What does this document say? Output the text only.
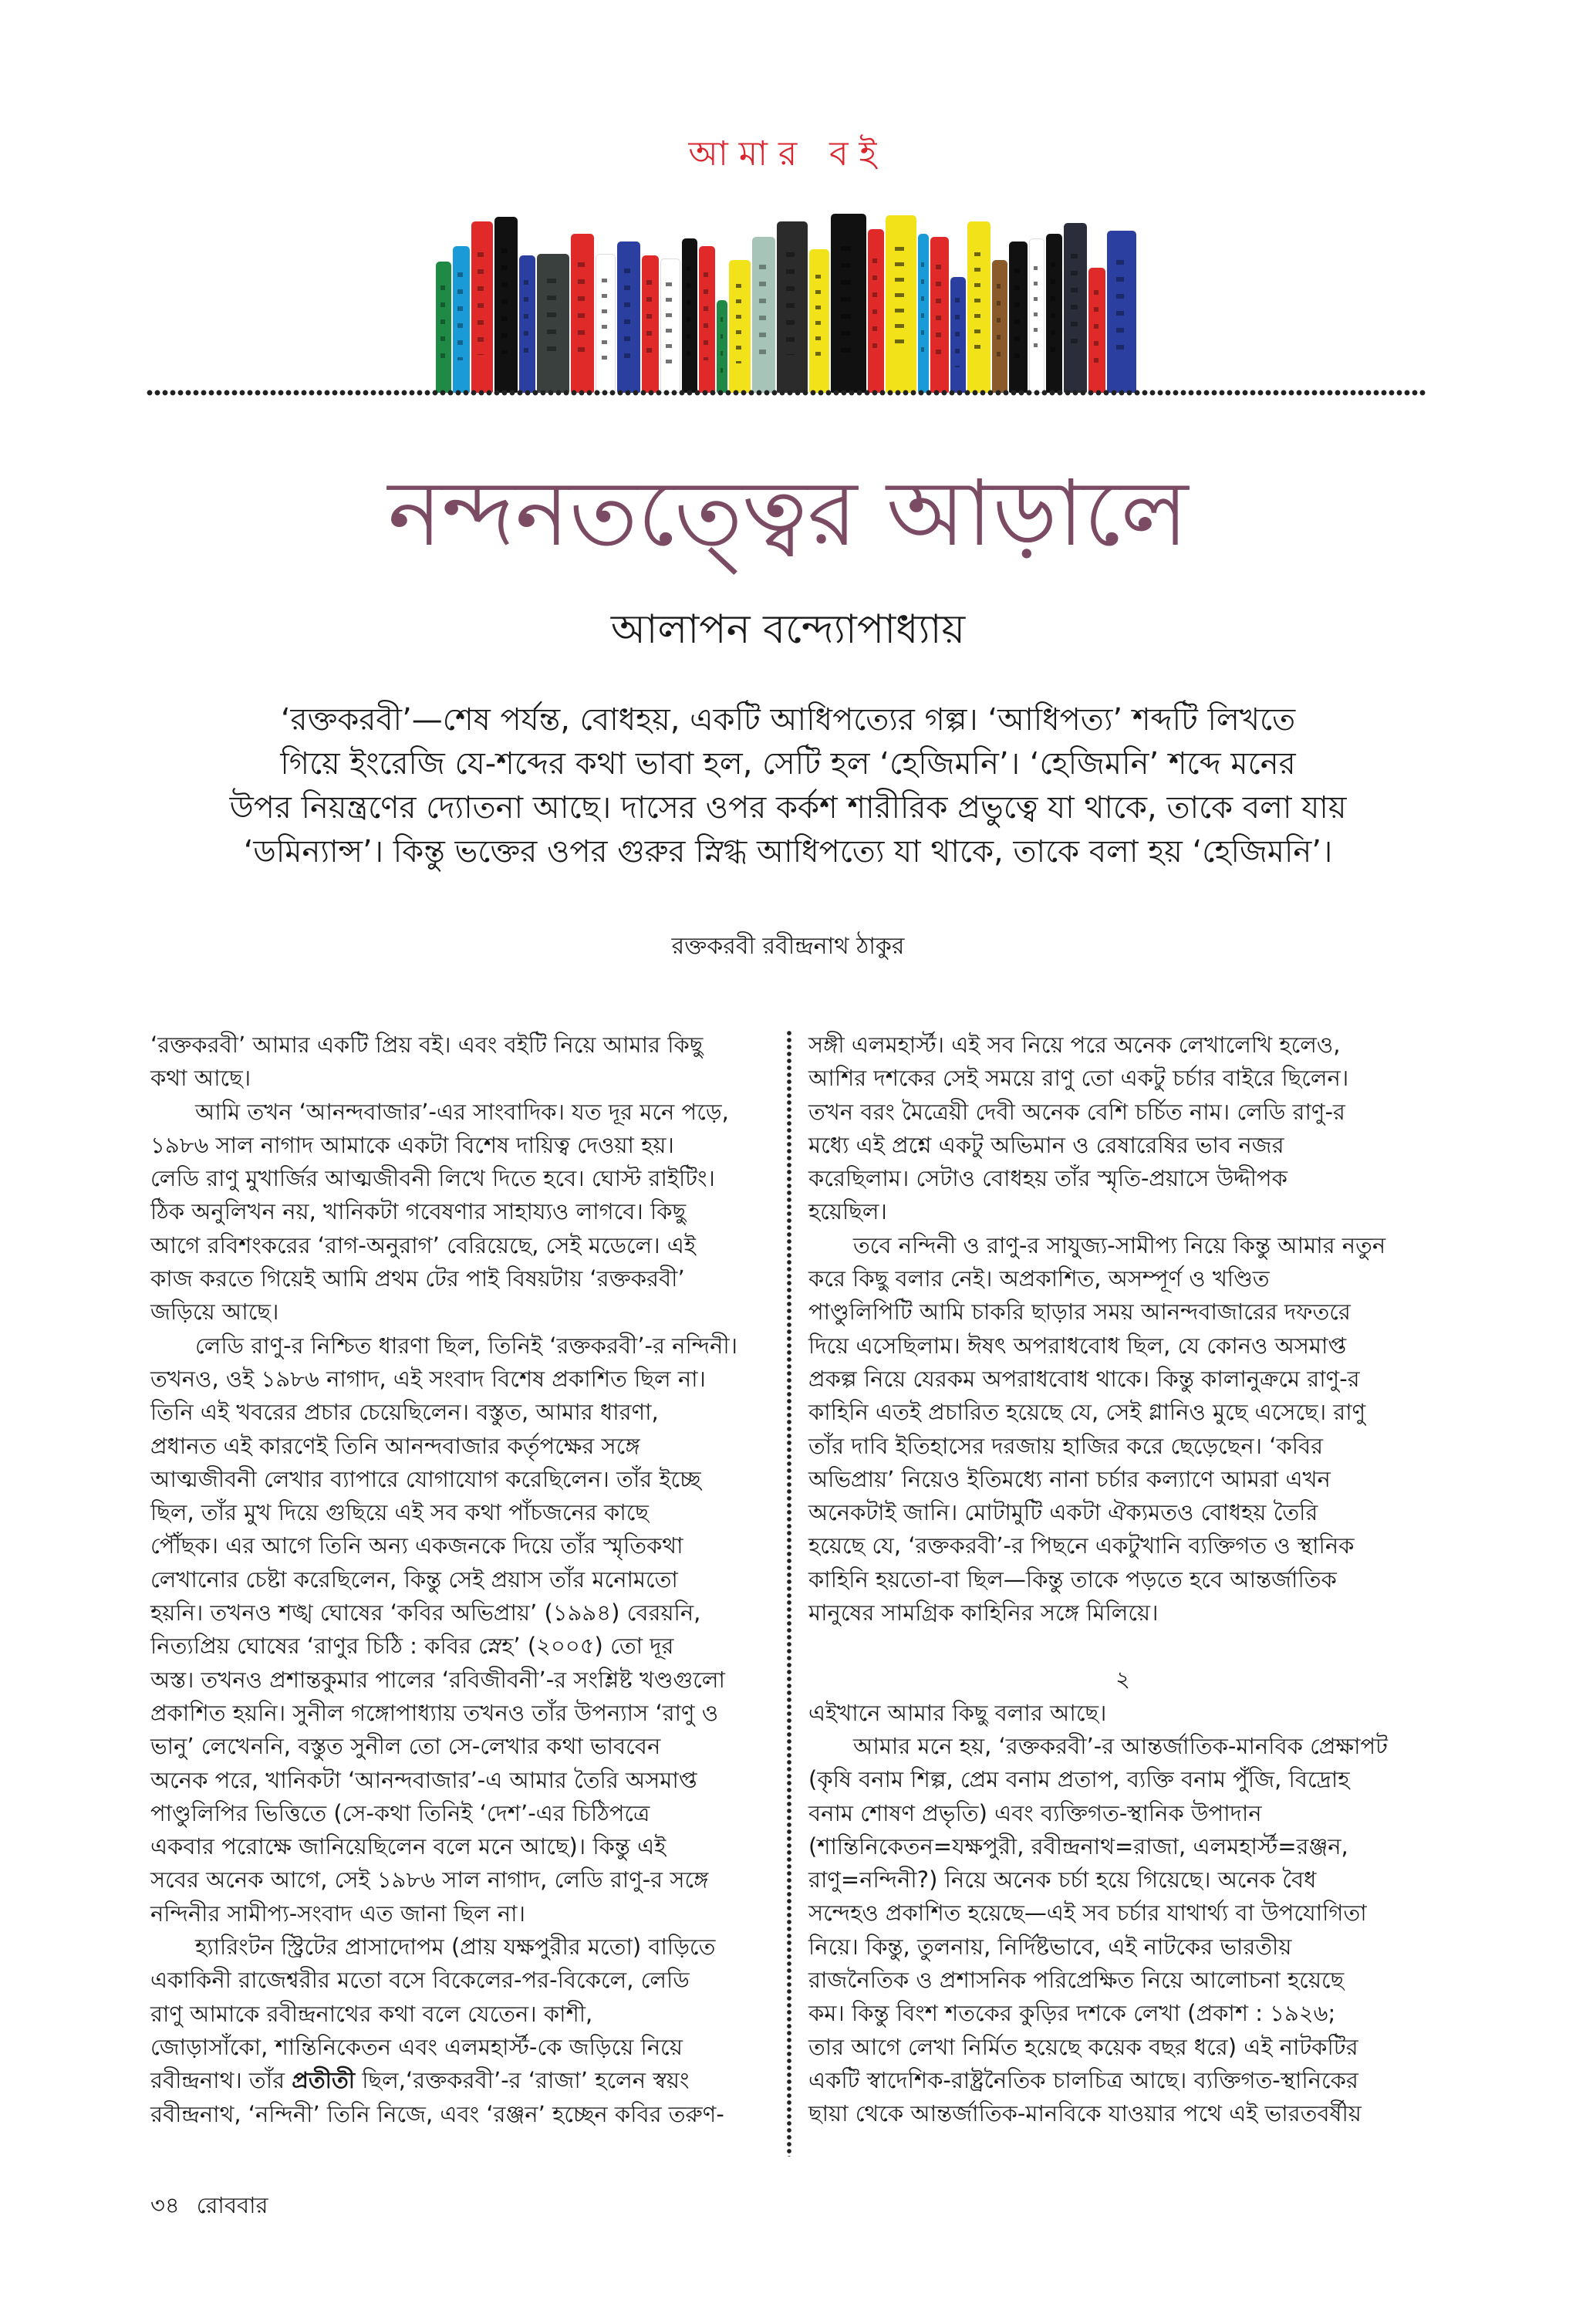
আমার বই
নন্দনতত্ত্বের আড়ালে
আলাপন বন্দ্যোপাধ্যায়
‘রক্তকরবী’—শেষ পর্যন্ত, বোধহয়, একটি আধিপত্যের গল্প। ‘আধিপত্য’ শব্দটি লিখতে
গিয়ে ইংরেজি যে-শব্দের কথা ভাবা হল, সেটি হল ‘হেজিমনি’। ‘হেজিমনি’ শব্দে মনের
উপর নিয়ন্ত্রণের দ্যোতনা আছে। দাসের ওপর কর্কশ শারীরিক প্রভুত্বে যা থাকে, তাকে বলা যায়
‘ডমিন্যান্স’। কিন্তু ভক্তের ওপর গুরুর স্নিগ্ধ আধিপত্যে যা থাকে, তাকে বলা হয় ‘হেজিমনি’।
রক্তকরবী রবীন্দ্রনাথ ঠাকুর
‘রক্তকরবী’ আমার একটি প্রিয় বই। এবং বইটি নিয়ে আমার কিছু
কথা আছে।
আমি তখন ‘আনন্দবাজার’-এর সাংবাদিক। যত দূর মনে পড়ে,
১৯৮৬ সাল নাগাদ আমাকে একটা বিশেষ দায়িত্ব দেওয়া হয়।
লেডি রাণু মুখার্জির আত্মজীবনী লিখে দিতে হবে। ঘোস্ট রাইটিং।
ঠিক অনুলিখন নয়, খানিকটা গবেষণার সাহায্যও লাগবে। কিছু
আগে রবিশংকরের ‘রাগ-অনুরাগ’ বেরিয়েছে, সেই মডেলে। এই
কাজ করতে গিয়েই আমি প্রথম টের পাই বিষয়টায় ‘রক্তকরবী’
জড়িয়ে আছে।
লেডি রাণু-র নিশ্চিত ধারণা ছিল, তিনিই ‘রক্তকরবী’-র নন্দিনী।
তখনও, ওই ১৯৮৬ নাগাদ, এই সংবাদ বিশেষ প্রকাশিত ছিল না।
তিনি এই খবরের প্রচার চেয়েছিলেন। বস্তুত, আমার ধারণা,
প্রধানত এই কারণেই তিনি আনন্দবাজার কর্তৃপক্ষের সঙ্গে
আত্মজীবনী লেখার ব্যাপারে যোগাযোগ করেছিলেন। তাঁর ইচ্ছে
ছিল, তাঁর মুখ দিয়ে গুছিয়ে এই সব কথা পাঁচজনের কাছে
পৌঁছক। এর আগে তিনি অন্য একজনকে দিয়ে তাঁর স্মৃতিকথা
লেখানোর চেষ্টা করেছিলেন, কিন্তু সেই প্রয়াস তাঁর মনোমতো
হয়নি। তখনও শঙ্খ ঘোষের ‘কবির অভিপ্রায়’ (১৯৯৪) বেরয়নি,
নিত্যপ্রিয় ঘোষের ‘রাণুর চিঠি : কবির স্নেহ’ (২০০৫) তো দূর
অস্ত। তখনও প্রশান্তকুমার পালের ‘রবিজীবনী’-র সংশ্লিষ্ট খণ্ডগুলো
প্রকাশিত হয়নি। সুনীল গঙ্গোপাধ্যায় তখনও তাঁর উপন্যাস ‘রাণু ও
ভানু’ লেখেননি, বস্তুত সুনীল তো সে-লেখার কথা ভাববেন
অনেক পরে, খানিকটা ‘আনন্দবাজার’-এ আমার তৈরি অসমাপ্ত
পাণ্ডুলিপির ভিত্তিতে (সে-কথা তিনিই ‘দেশ’-এর চিঠিপত্রে
একবার পরোক্ষে জানিয়েছিলেন বলে মনে আছে)। কিন্তু এই
সবের অনেক আগে, সেই ১৯৮৬ সাল নাগাদ, লেডি রাণু-র সঙ্গে
নন্দিনীর সামীপ্য-সংবাদ এত জানা ছিল না।
হ্যারিংটন স্ট্রিটের প্রাসাদোপম (প্রায় যক্ষপুরীর মতো) বাড়িতে
একাকিনী রাজেশ্বরীর মতো বসে বিকেলের-পর-বিকেলে, লেডি
রাণু আমাকে রবীন্দ্রনাথের কথা বলে যেতেন। কাশী,
জোড়াসাঁকো, শান্তিনিকেতন এবং এলমহার্স্ট-কে জড়িয়ে নিয়ে
রবীন্দ্রনাথ। তাঁর প্রতীতী ছিল,‘রক্তকরবী’-র ‘রাজা’ হলেন স্বয়ং
রবীন্দ্রনাথ, ‘নন্দিনী’ তিনি নিজে, এবং ‘রঞ্জন’ হচ্ছেন কবির তরুণ-
সঙ্গী এলমহার্স্ট। এই সব নিয়ে পরে অনেক লেখালেখি হলেও,
আশির দশকের সেই সময়ে রাণু তো একটু চর্চার বাইরে ছিলেন।
তখন বরং মৈত্রেয়ী দেবী অনেক বেশি চর্চিত নাম। লেডি রাণু-র
মধ্যে এই প্রশ্নে একটু অভিমান ও রেষারেষির ভাব নজর
করেছিলাম। সেটাও বোধহয় তাঁর স্মৃতি-প্রয়াসে উদ্দীপক
হয়েছিল।
তবে নন্দিনী ও রাণু-র সাযুজ্য-সামীপ্য নিয়ে কিন্তু আমার নতুন
করে কিছু বলার নেই। অপ্রকাশিত, অসম্পূর্ণ ও খণ্ডিত
পাণ্ডুলিপিটি আমি চাকরি ছাড়ার সময় আনন্দবাজারের দফতরে
দিয়ে এসেছিলাম। ঈষৎ অপরাধবোধ ছিল, যে কোনও অসমাপ্ত
প্রকল্প নিয়ে যেরকম অপরাধবোধ থাকে। কিন্তু কালানুক্রমে রাণু-র
কাহিনি এতই প্রচারিত হয়েছে যে, সেই গ্লানিও মুছে এসেছে। রাণু
তাঁর দাবি ইতিহাসের দরজায় হাজির করে ছেড়েছেন। ‘কবির
অভিপ্রায়’ নিয়েও ইতিমধ্যে নানা চর্চার কল্যাণে আমরা এখন
অনেকটাই জানি। মোটামুটি একটা ঐক্যমতও বোধহয় তৈরি
হয়েছে যে, ‘রক্তকরবী’-র পিছনে একটুখানি ব্যক্তিগত ও স্থানিক
কাহিনি হয়তো-বা ছিল—কিন্তু তাকে পড়তে হবে আন্তর্জাতিক
মানুষের সামগ্রিক কাহিনির সঙ্গে মিলিয়ে।
২
এইখানে আমার কিছু বলার আছে।
আমার মনে হয়, ‘রক্তকরবী’-র আন্তর্জাতিক-মানবিক প্রেক্ষাপট
(কৃষি বনাম শিল্প, প্রেম বনাম প্রতাপ, ব্যক্তি বনাম পুঁজি, বিদ্রোহ
বনাম শোষণ প্রভৃতি) এবং ব্যক্তিগত-স্থানিক উপাদান
(শান্তিনিকেতন=যক্ষপুরী, রবীন্দ্রনাথ=রাজা, এলমহার্স্ট=রঞ্জন,
রাণু=নন্দিনী?) নিয়ে অনেক চর্চা হয়ে গিয়েছে। অনেক বৈধ
সন্দেহও প্রকাশিত হয়েছে—এই সব চর্চার যাথার্থ্য বা উপযোগিতা
নিয়ে। কিন্তু, তুলনায়, নির্দিষ্টভাবে, এই নাটকের ভারতীয়
রাজনৈতিক ও প্রশাসনিক পরিপ্রেক্ষিত নিয়ে আলোচনা হয়েছে
কম। কিন্তু বিংশ শতকের কুড়ির দশকে লেখা (প্রকাশ : ১৯২৬;
তার আগে লেখা নির্মিত হয়েছে কয়েক বছর ধরে) এই নাটকটির
একটি স্বাদেশিক-রাষ্ট্রনৈতিক চালচিত্র আছে। ব্যক্তিগত-স্থানিকের
ছায়া থেকে আন্তর্জাতিক-মানবিকে যাওয়ার পথে এই ভারতবর্ষীয়
৩৪ রোববার
